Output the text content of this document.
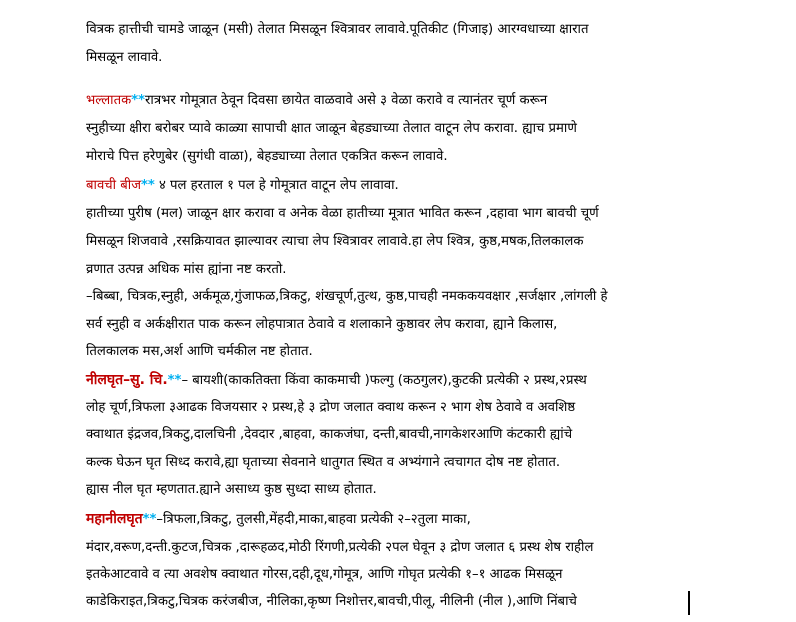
वित्रक हात्तीची चामडे जाळून (मसी) तेलात मिसळून श्वित्रावर लावावे.पूतिकीट (गिजाइ) आरग्वधाच्या क्षारात
मिसळून लावावे.
भल्लातक**रात्रभर गोमूत्रात ठेवून दिवसा छायेत वाळवावे असे ३ वेळा करावे व त्यानंतर चूर्ण करून
स्नुहीच्या क्षीरा बरोबर प्यावे काळ्या सापाची क्षात जाळून बेहड्याच्या तेलात वाटून लेप करावा. ह्याच प्रमाणे
मोराचे पित्त हरेणुबेर (सुगंधी वाळा), बेहड्याच्या तेलात एकत्रित करून लावावे.
बावची बीज** ४ पल हरताल १ पल हे गोमूत्रात वाटून लेप लावावा.
हातीच्या पुरीष (मल) जाळून क्षार करावा व अनेक वेळा हातीच्या मूत्रात भावित करून ,दहावा भाग बावची चूर्ण
मिसळून शिजवावे ,रसक्रियावत झाल्यावर त्याचा लेप श्वित्रावर लावावे.हा लेप श्वित्र, कुष्ठ,मषक,तिलकालक
व्रणात उत्पन्न अधिक मांस ह्यांना नष्ट करतो.
–बिब्बा, चित्रक,स्नुही, अर्कमूळ,गुंजाफळ,त्रिकटु, शंखचूर्ण,तुत्थ, कुष्ठ,पाचही नमककयवक्षार ,सर्जक्षार ,लांगली हे
सर्व स्नुही व अर्कक्षीरात पाक करून लोहपात्रात ठेवावे व शलाकाने कुष्ठावर लेप करावा, ह्याने किलास,
तिलकालक मस,अर्श आणि चर्मकील नष्ट होतात.
नीलघृत–सु. चि.**– बायशी(काकतिक्ता किंवा काकमाची )फल्गु (कठगुलर),कुटकी प्रत्येकी २ प्रस्थ,२प्रस्थ
लोह चूर्ण,त्रिफला ३आढक विजयसार २ प्रस्थ,हे ३ द्रोण जलात क्वाथ करून २ भाग शेष ठेवावे व अवशिष्ठ
क्वाथात इंद्रजव,त्रिकटु,दालचिनी ,देवदार ,बाहवा, काकजंघा, दन्ती,बावची,नागकेशरआणि कंटकारी ह्यांचे
कल्क घेऊन घृत सिध्द करावे,ह्या घृताच्या सेवनाने धातुगत स्थित व अभ्यंगाने त्वचागत दोष नष्ट होतात.
ह्यास नील घृत म्हणतात.ह्याने असाध्य कुष्ठ सुध्दा साध्य होतात.
महानीलघृत**–त्रिफला,त्रिकटु, तुलसी,मेंहदी,माका,बाहवा प्रत्येकी २–२तुला माका,
मंदार,वरूण,दन्ती.कुटज,चित्रक ,दारूहळद,मोठी रिंगणी,प्रत्येकी २पल घेवून ३ द्रोण जलात ६ प्रस्थ शेष राहील
इतकेआटवावे व त्या अवशेष क्वाथात गोरस,दही,दूध,गोमूत्र, आणि गोघृत प्रत्येकी १–१ आढक मिसळून
काडेकिराइत,त्रिकटु,चित्रक करंजबीज, नीलिका,कृष्ण निशोत्तर,बावची,पीलू, नीलिनी (नील ),आणि निंबाचे
